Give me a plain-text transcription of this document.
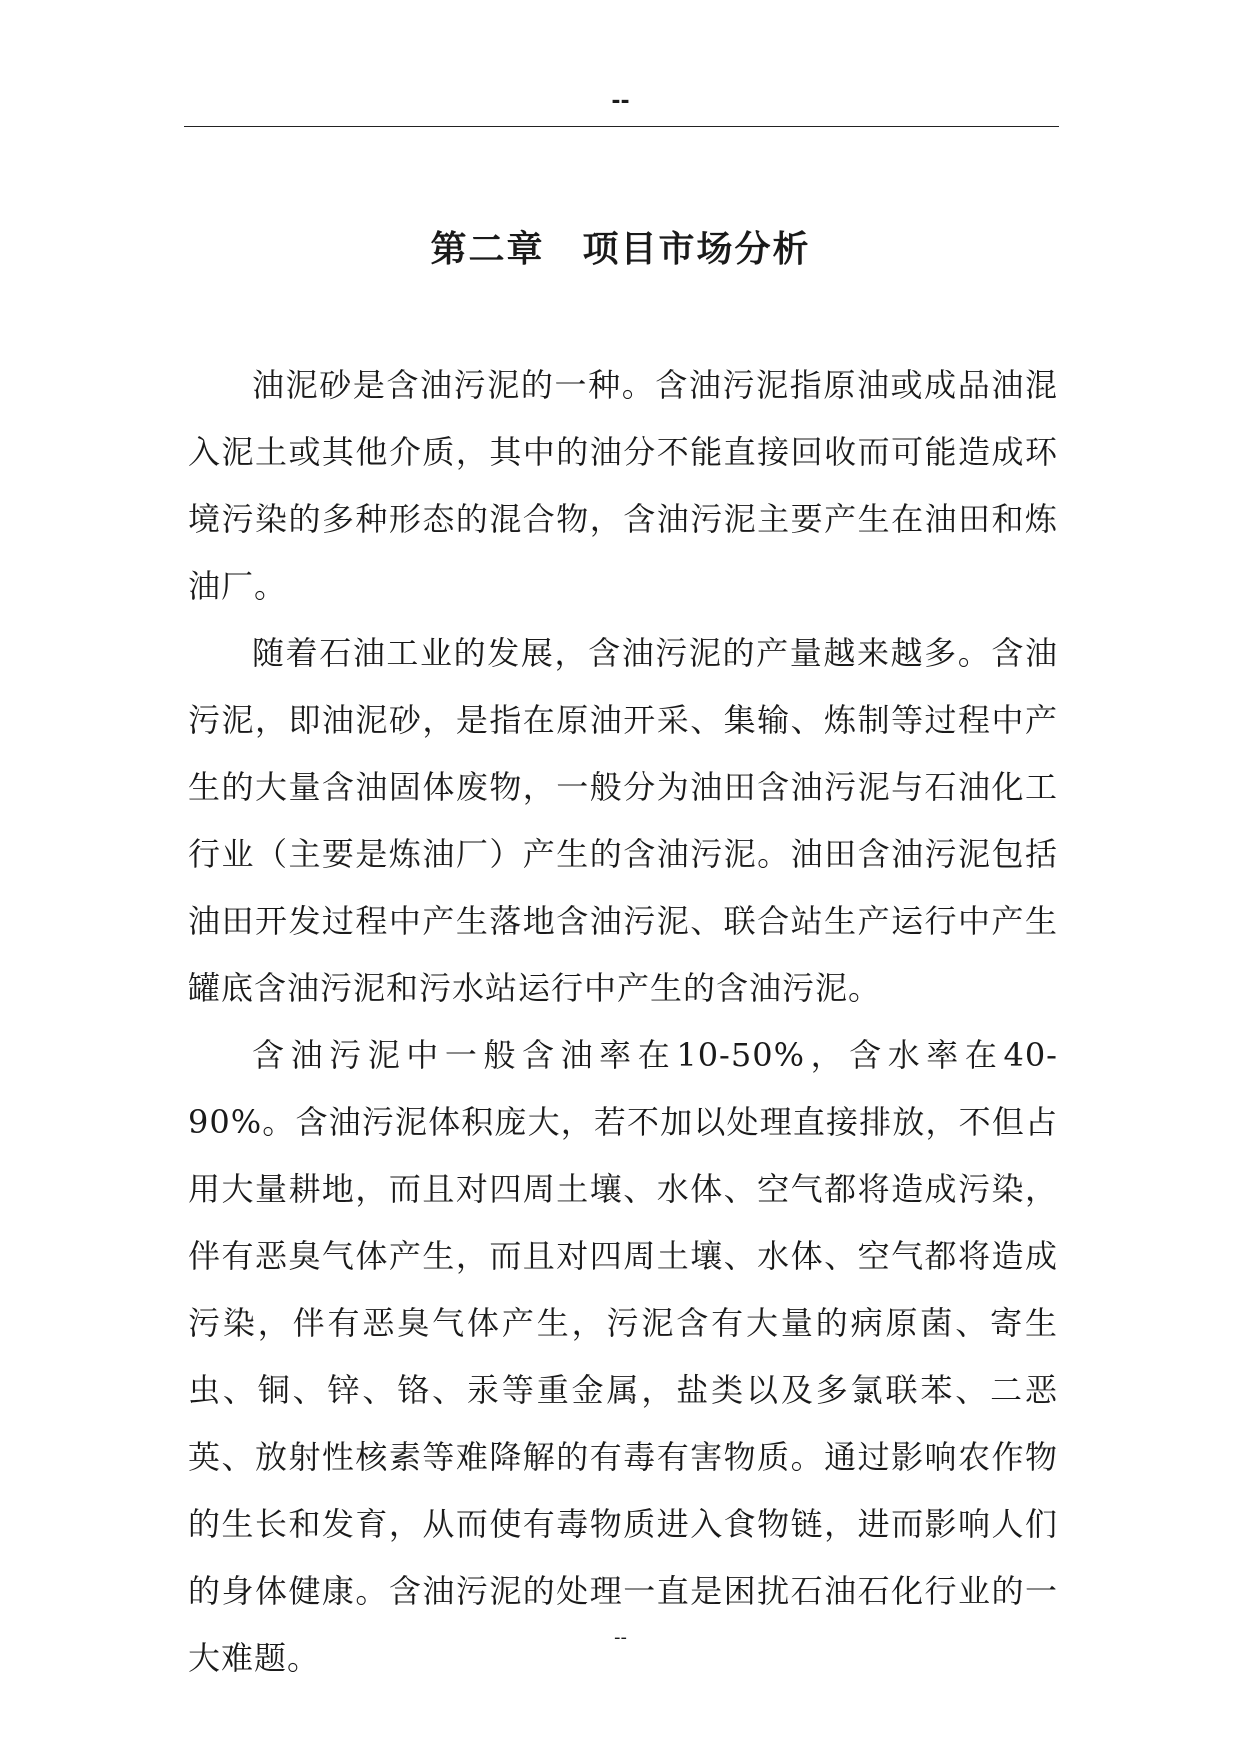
--
第二章　项目市场分析

油泥砂是含油污泥的一种。含油污泥指原油或成品油混入泥土或其他介质，其中的油分不能直接回收而可能造成环境污染的多种形态的混合物，含油污泥主要产生在油田和炼油厂。

随着石油工业的发展，含油污泥的产量越来越多。含油污泥，即油泥砂，是指在原油开采、集输、炼制等过程中产生的大量含油固体废物，一般分为油田含油污泥与石油化工行业（主要是炼油厂）产生的含油污泥。油田含油污泥包括油田开发过程中产生落地含油污泥、联合站生产运行中产生罐底含油污泥和污水站运行中产生的含油污泥。

含油污泥中一般含油率在10-50%，含水率在40-90%。含油污泥体积庞大，若不加以处理直接排放，不但占用大量耕地，而且对四周土壤、水体、空气都将造成污染，伴有恶臭气体产生，而且对四周土壤、水体、空气都将造成污染，伴有恶臭气体产生，污泥含有大量的病原菌、寄生虫、铜、锌、铬、汞等重金属，盐类以及多氯联苯、二恶英、放射性核素等难降解的有毒有害物质。通过影响农作物的生长和发育，从而使有毒物质进入食物链，进而影响人们的身体健康。含油污泥的处理一直是困扰石油石化行业的一大难题。

--
